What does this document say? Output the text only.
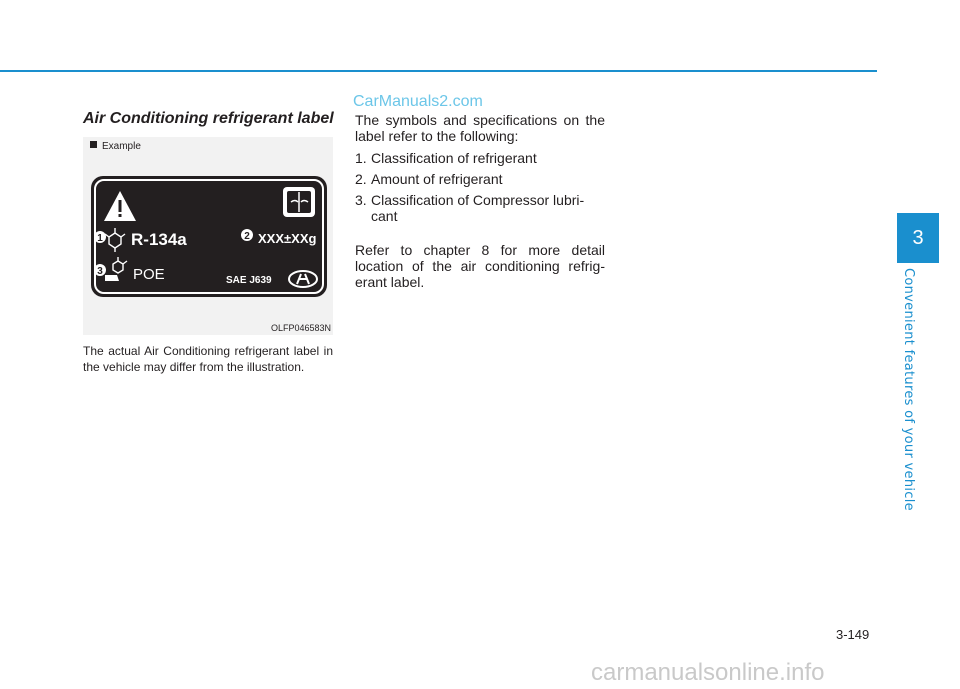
CarManuals2.com
Air Conditioning refrigerant label
Example
1 R-134a	2 XXX±XXg
3 POE	SAE J639
OLFP046583N
The actual Air Conditioning refrigerant label in the vehicle may differ from the illustration.

The symbols and specifications on the label refer to the following:

1. Classification of refrigerant
2. Amount of refrigerant
3. Classification of Compressor lubri-cant

Refer to chapter 8 for more detail location of the air conditioning refrig-erant label.

3
Convenient features of your vehicle
3-149
carmanualsonline.info
